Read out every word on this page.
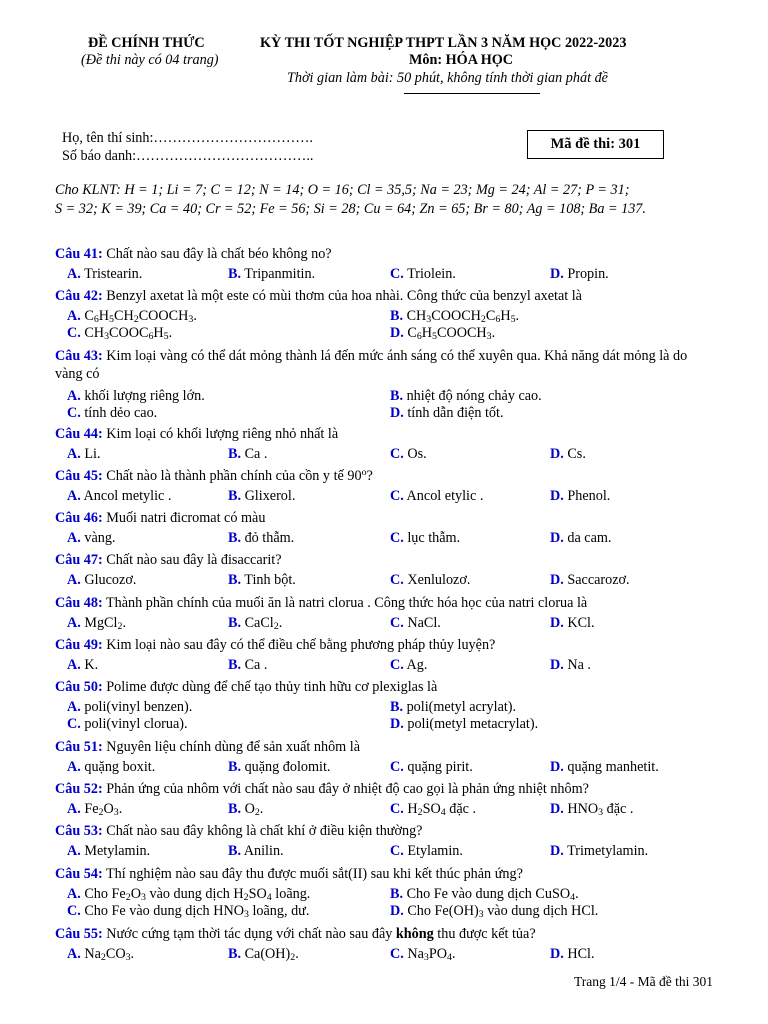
ĐỀ CHÍNH THỨC
(Đề thi này có 04 trang)
KỲ THI TỐT NGHIỆP THPT LẦN 3 NĂM HỌC 2022-2023
Môn: HÓA HỌC
Thời gian làm bài: 50 phút, không tính thời gian phát đề
Họ, tên thí sinh:…………………………….
Số báo danh:………………………………..
Mã đề thi: 301
Cho KLNT: H = 1; Li = 7; C = 12; N = 14; O = 16; Cl = 35,5; Na = 23; Mg = 24; Al = 27; P = 31;
S = 32; K = 39; Ca = 40; Cr = 52; Fe = 56; Si = 28; Cu = 64; Zn = 65; Br = 80; Ag = 108; Ba = 137.
Câu 41: Chất nào sau đây là chất béo không no?
A. Tristearin.	B. Tripanmitin.	C. Triolein.	D. Propin.
Câu 42: Benzyl axetat là một este có mùi thơm của hoa nhài. Công thức của benzyl axetat là
A. $C_6H_5CH_2COOCH_3$.	B. $CH_3COOCH_2C_6H_5$.
C. $CH_3COOC_6H_5$.	D. $C_6H_5COOCH_3$.
Câu 43: Kim loại vàng có thể dát mỏng thành lá đến mức ánh sáng có thể xuyên qua. Khả năng dát mỏng là do vàng có
A. khối lượng riêng lớn.	B. nhiệt độ nóng chảy cao.
C. tính dẻo cao.	D. tính dẫn điện tốt.
Câu 44: Kim loại có khối lượng riêng nhỏ nhất là
A. Li.	B. Ca .	C. Os.	D. Cs.
Câu 45: Chất nào là thành phần chính của cồn y tế 90$^o$?
A. Ancol metylic .	B. Glixerol.	C. Ancol etylic .	D. Phenol.
Câu 46: Muối natri đicromat có màu
A. vàng.	B. đỏ thẫm.	C. lục thẫm.	D. da cam.
Câu 47: Chất nào sau đây là đisaccarit?
A. Glucozơ.	B. Tinh bột.	C. Xenlulozơ.	D. Saccarozơ.
Câu 48: Thành phần chính của muối ăn là natri clorua . Công thức hóa học của natri clorua là
A. MgCl$_2$.	B. CaCl$_2$.	C. NaCl.	D. KCl.
Câu 49: Kim loại nào sau đây có thể điều chế bằng phương pháp thủy luyện?
A. K.	B. Ca .	C. Ag.	D. Na .
Câu 50: Polime được dùng để chế tạo thủy tinh hữu cơ plexiglas là
A. poli(vinyl benzen).	B. poli(metyl acrylat).
C. poli(vinyl clorua).	D. poli(metyl metacrylat).
Câu 51: Nguyên liệu chính dùng để sản xuất nhôm là
A. quặng boxit.	B. quặng đolomit.	C. quặng pirit.	D. quặng manhetit.
Câu 52: Phản ứng của nhôm với chất nào sau đây ở nhiệt độ cao gọi là phản ứng nhiệt nhôm?
A. $Fe_2O_3$.	B. $O_2$.	C. $H_2SO_4$ đặc .	D. $HNO_3$ đặc .
Câu 53: Chất nào sau đây không là chất khí ở điều kiện thường?
A. Metylamin.	B. Anilin.	C. Etylamin.	D. Trimetylamin.
Câu 54: Thí nghiệm nào sau đây thu được muối sắt(II) sau khi kết thúc phản ứng?
A. Cho $Fe_2O_3$ vào dung dịch $H_2SO_4$ loãng.	B. Cho Fe vào dung dịch CuSO$_4$.
C. Cho Fe vào dung dịch $HNO_3$ loãng, dư.	D. Cho $Fe(OH)_3$ vào dung dịch HCl.
Câu 55: Nước cứng tạm thời tác dụng với chất nào sau đây không thu được kết tủa?
A. $Na_2CO_3$.	B. $Ca(OH)_2$.	C. $Na_3PO_4$.	D. HCl.
Trang 1/4 - Mã đề thi 301
